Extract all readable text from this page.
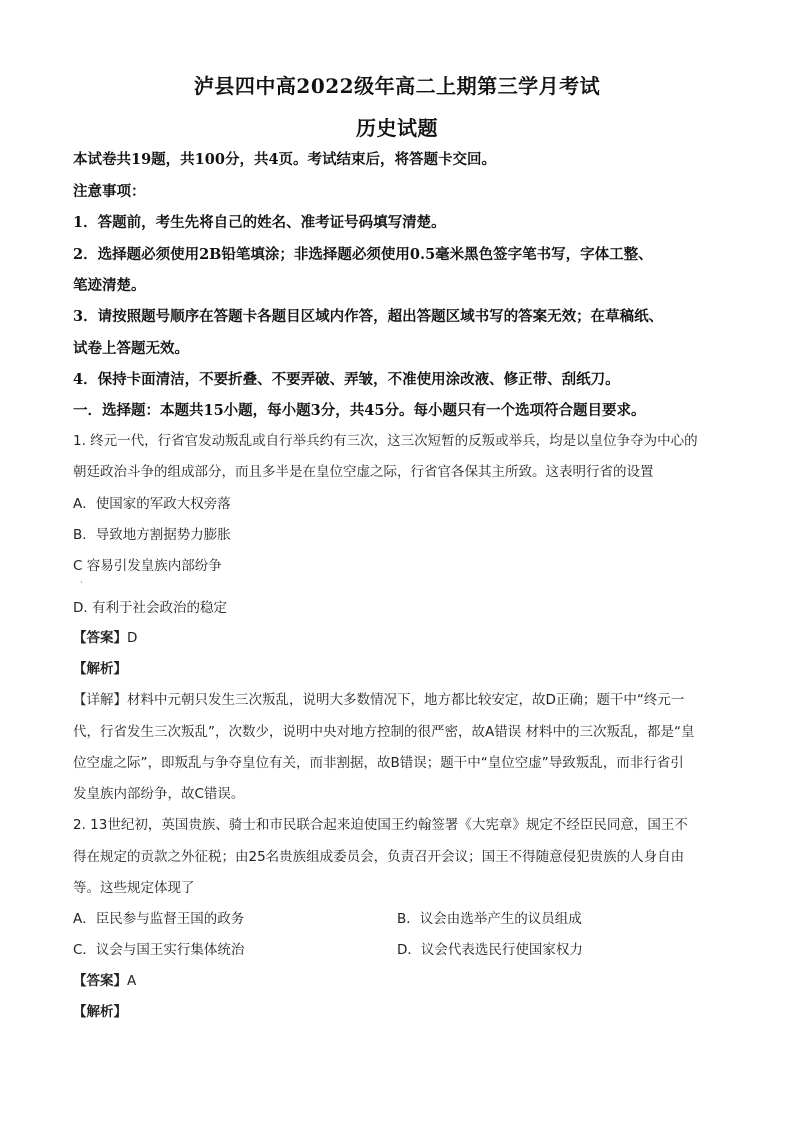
泸县四中高2022级年高二上期第三学月考试
历史试题
本试卷共19题，共100分，共4页。考试结束后，将答题卡交回。
注意事项：
1．答题前，考生先将自己的姓名、准考证号码填写清楚。
2．选择题必须使用2B铅笔填涂；非选择题必须使用0.5毫米黑色签字笔书写，字体工整、
笔迹清楚。
3．请按照题号顺序在答题卡各题目区域内作答，超出答题区域书写的答案无效；在草稿纸、
试卷上答题无效。
4．保持卡面清洁，不要折叠、不要弄破、弄皱，不准使用涂改液、修正带、刮纸刀。
一．选择题：本题共15小题，每小题3分，共45分。每小题只有一个选项符合题目要求。
1. 终元一代，行省官发动叛乱或自行举兵约有三次，这三次短暂的反叛或举兵，均是以皇位争夺为中心的
朝廷政治斗争的组成部分，而且多半是在皇位空虚之际，行省官各保其主所致。这表明行省的设置
A．使国家的军政大权旁落
B．导致地方割据势力膨胀
C 容易引发皇族内部纷争
·
D. 有利于社会政治的稳定
【答案】D
【解析】
【详解】材料中元朝只发生三次叛乱，说明大多数情况下，地方都比较安定，故D正确；题干中“终元一
代，行省发生三次叛乱”，次数少，说明中央对地方控制的很严密，故A错误 材料中的三次叛乱，都是“皇
位空虚之际”，即叛乱与争夺皇位有关，而非割据，故B错误；题干中“皇位空虚”导致叛乱，而非行省引
发皇族内部纷争，故C错误。
2. 13世纪初，英国贵族、骑士和市民联合起来迫使国王约翰签署《大宪章》规定不经臣民同意，国王不
得在规定的贡款之外征税；由25名贵族组成委员会，负责召开会议；国王不得随意侵犯贵族的人身自由
等。这些规定体现了
A．臣民参与监督王国的政务	B．议会由选举产生的议员组成
C．议会与国王实行集体统治	D．议会代表选民行使国家权力
【答案】A
【解析】
